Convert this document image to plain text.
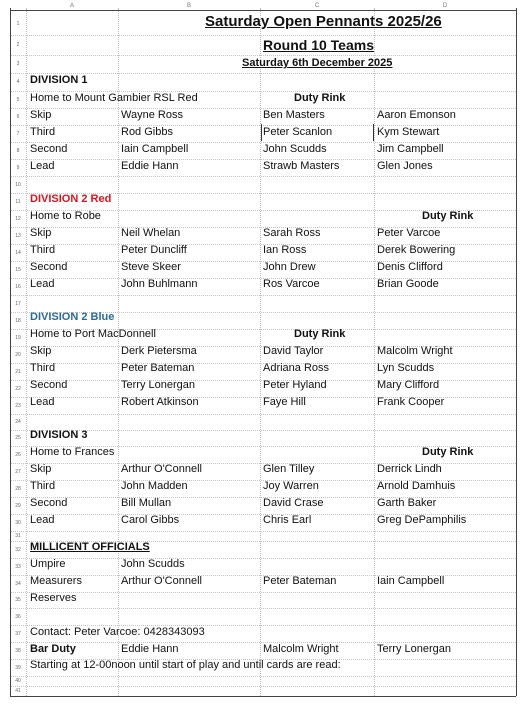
A	B	C	D
1
2
3
4
5
6
7
8
9
10
11
12
13
14
15
16
17
18
19
20
21
22
23
24
25
26
27
28
29
30
31
32
33
34
35
36
37
38
39
40
41
Saturday Open Pennants 2025/26
Round 10 Teams
Saturday 6th December 2025
DIVISION 1
Home to Mount Gambier RSL Red	Duty Rink
Skip	Wayne Ross	Ben Masters	Aaron Emonson
Third	Rod Gibbs	Peter Scanlon	Kym Stewart
Second	Iain Campbell	John Scudds	Jim Campbell
Lead	Eddie Hann	Strawb Masters	Glen Jones
DIVISION 2 Red
Home to Robe	Duty Rink
Skip	Neil Whelan	Sarah Ross	Peter Varcoe
Third	Peter Duncliff	Ian Ross	Derek Bowering
Second	Steve Skeer	John Drew	Denis Clifford
Lead	John Buhlmann	Ros Varcoe	Brian Goode
DIVISION 2 Blue
Home to Port MacDonnell	Duty Rink
Skip	Derk Pietersma	David Taylor	Malcolm Wright
Third	Peter Bateman	Adriana Ross	Lyn Scudds
Second	Terry Lonergan	Peter Hyland	Mary Clifford
Lead	Robert Atkinson	Faye Hill	Frank Cooper
DIVISION 3
Home to Frances	Duty Rink
Skip	Arthur O'Connell	Glen Tilley	Derrick Lindh
Third	John Madden	Joy Warren	Arnold Damhuis
Second	Bill Mullan	David Crase	Garth Baker
Lead	Carol Gibbs	Chris Earl	Greg DePamphilis
MILLICENT OFFICIALS
Umpire	John Scudds
Measurers	Arthur O'Connell	Peter Bateman	Iain Campbell
Reserves
Contact: Peter Varcoe: 0428343093
Bar Duty	Eddie Hann	Malcolm Wright	Terry Lonergan
Starting at 12-00noon until start of play and until cards are read:
